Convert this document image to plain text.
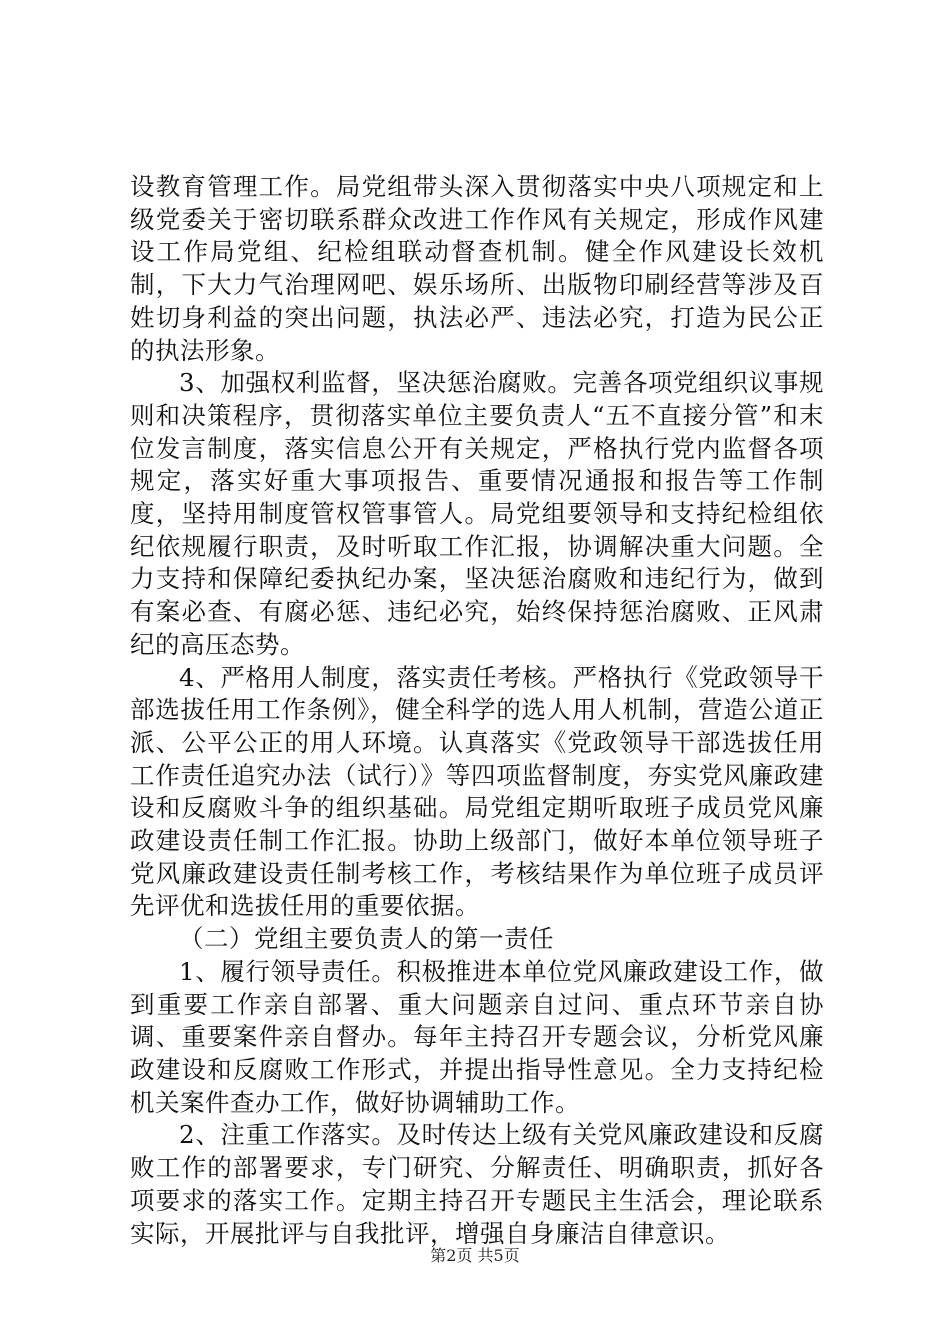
设教育管理工作。局党组带头深入贯彻落实中央八项规定和上级党委关于密切联系群众改进工作作风有关规定，形成作风建设工作局党组、纪检组联动督查机制。健全作风建设长效机制，下大力气治理网吧、娱乐场所、出版物印刷经营等涉及百姓切身利益的突出问题，执法必严、违法必究，打造为民公正的执法形象。

3、加强权利监督，坚决惩治腐败。完善各项党组织议事规则和决策程序，贯彻落实单位主要负责人“五不直接分管”和末位发言制度，落实信息公开有关规定，严格执行党内监督各项规定，落实好重大事项报告、重要情况通报和报告等工作制度，坚持用制度管权管事管人。局党组要领导和支持纪检组依纪依规履行职责，及时听取工作汇报，协调解决重大问题。全力支持和保障纪委执纪办案，坚决惩治腐败和违纪行为，做到有案必查、有腐必惩、违纪必究，始终保持惩治腐败、正风肃纪的高压态势。

4、严格用人制度，落实责任考核。严格执行《党政领导干部选拔任用工作条例》，健全科学的选人用人机制，营造公道正派、公平公正的用人环境。认真落实《党政领导干部选拔任用工作责任追究办法（试行）》等四项监督制度，夯实党风廉政建设和反腐败斗争的组织基础。局党组定期听取班子成员党风廉政建设责任制工作汇报。协助上级部门，做好本单位领导班子党风廉政建设责任制考核工作，考核结果作为单位班子成员评先评优和选拔任用的重要依据。

（二）党组主要负责人的第一责任

1、履行领导责任。积极推进本单位党风廉政建设工作，做到重要工作亲自部署、重大问题亲自过问、重点环节亲自协调、重要案件亲自督办。每年主持召开专题会议，分析党风廉政建设和反腐败工作形式，并提出指导性意见。全力支持纪检机关案件查办工作，做好协调辅助工作。

2、注重工作落实。及时传达上级有关党风廉政建设和反腐败工作的部署要求，专门研究、分解责任、明确职责，抓好各项要求的落实工作。定期主持召开专题民主生活会，理论联系实际，开展批评与自我批评，增强自身廉洁自律意识。

第2页 共5页
